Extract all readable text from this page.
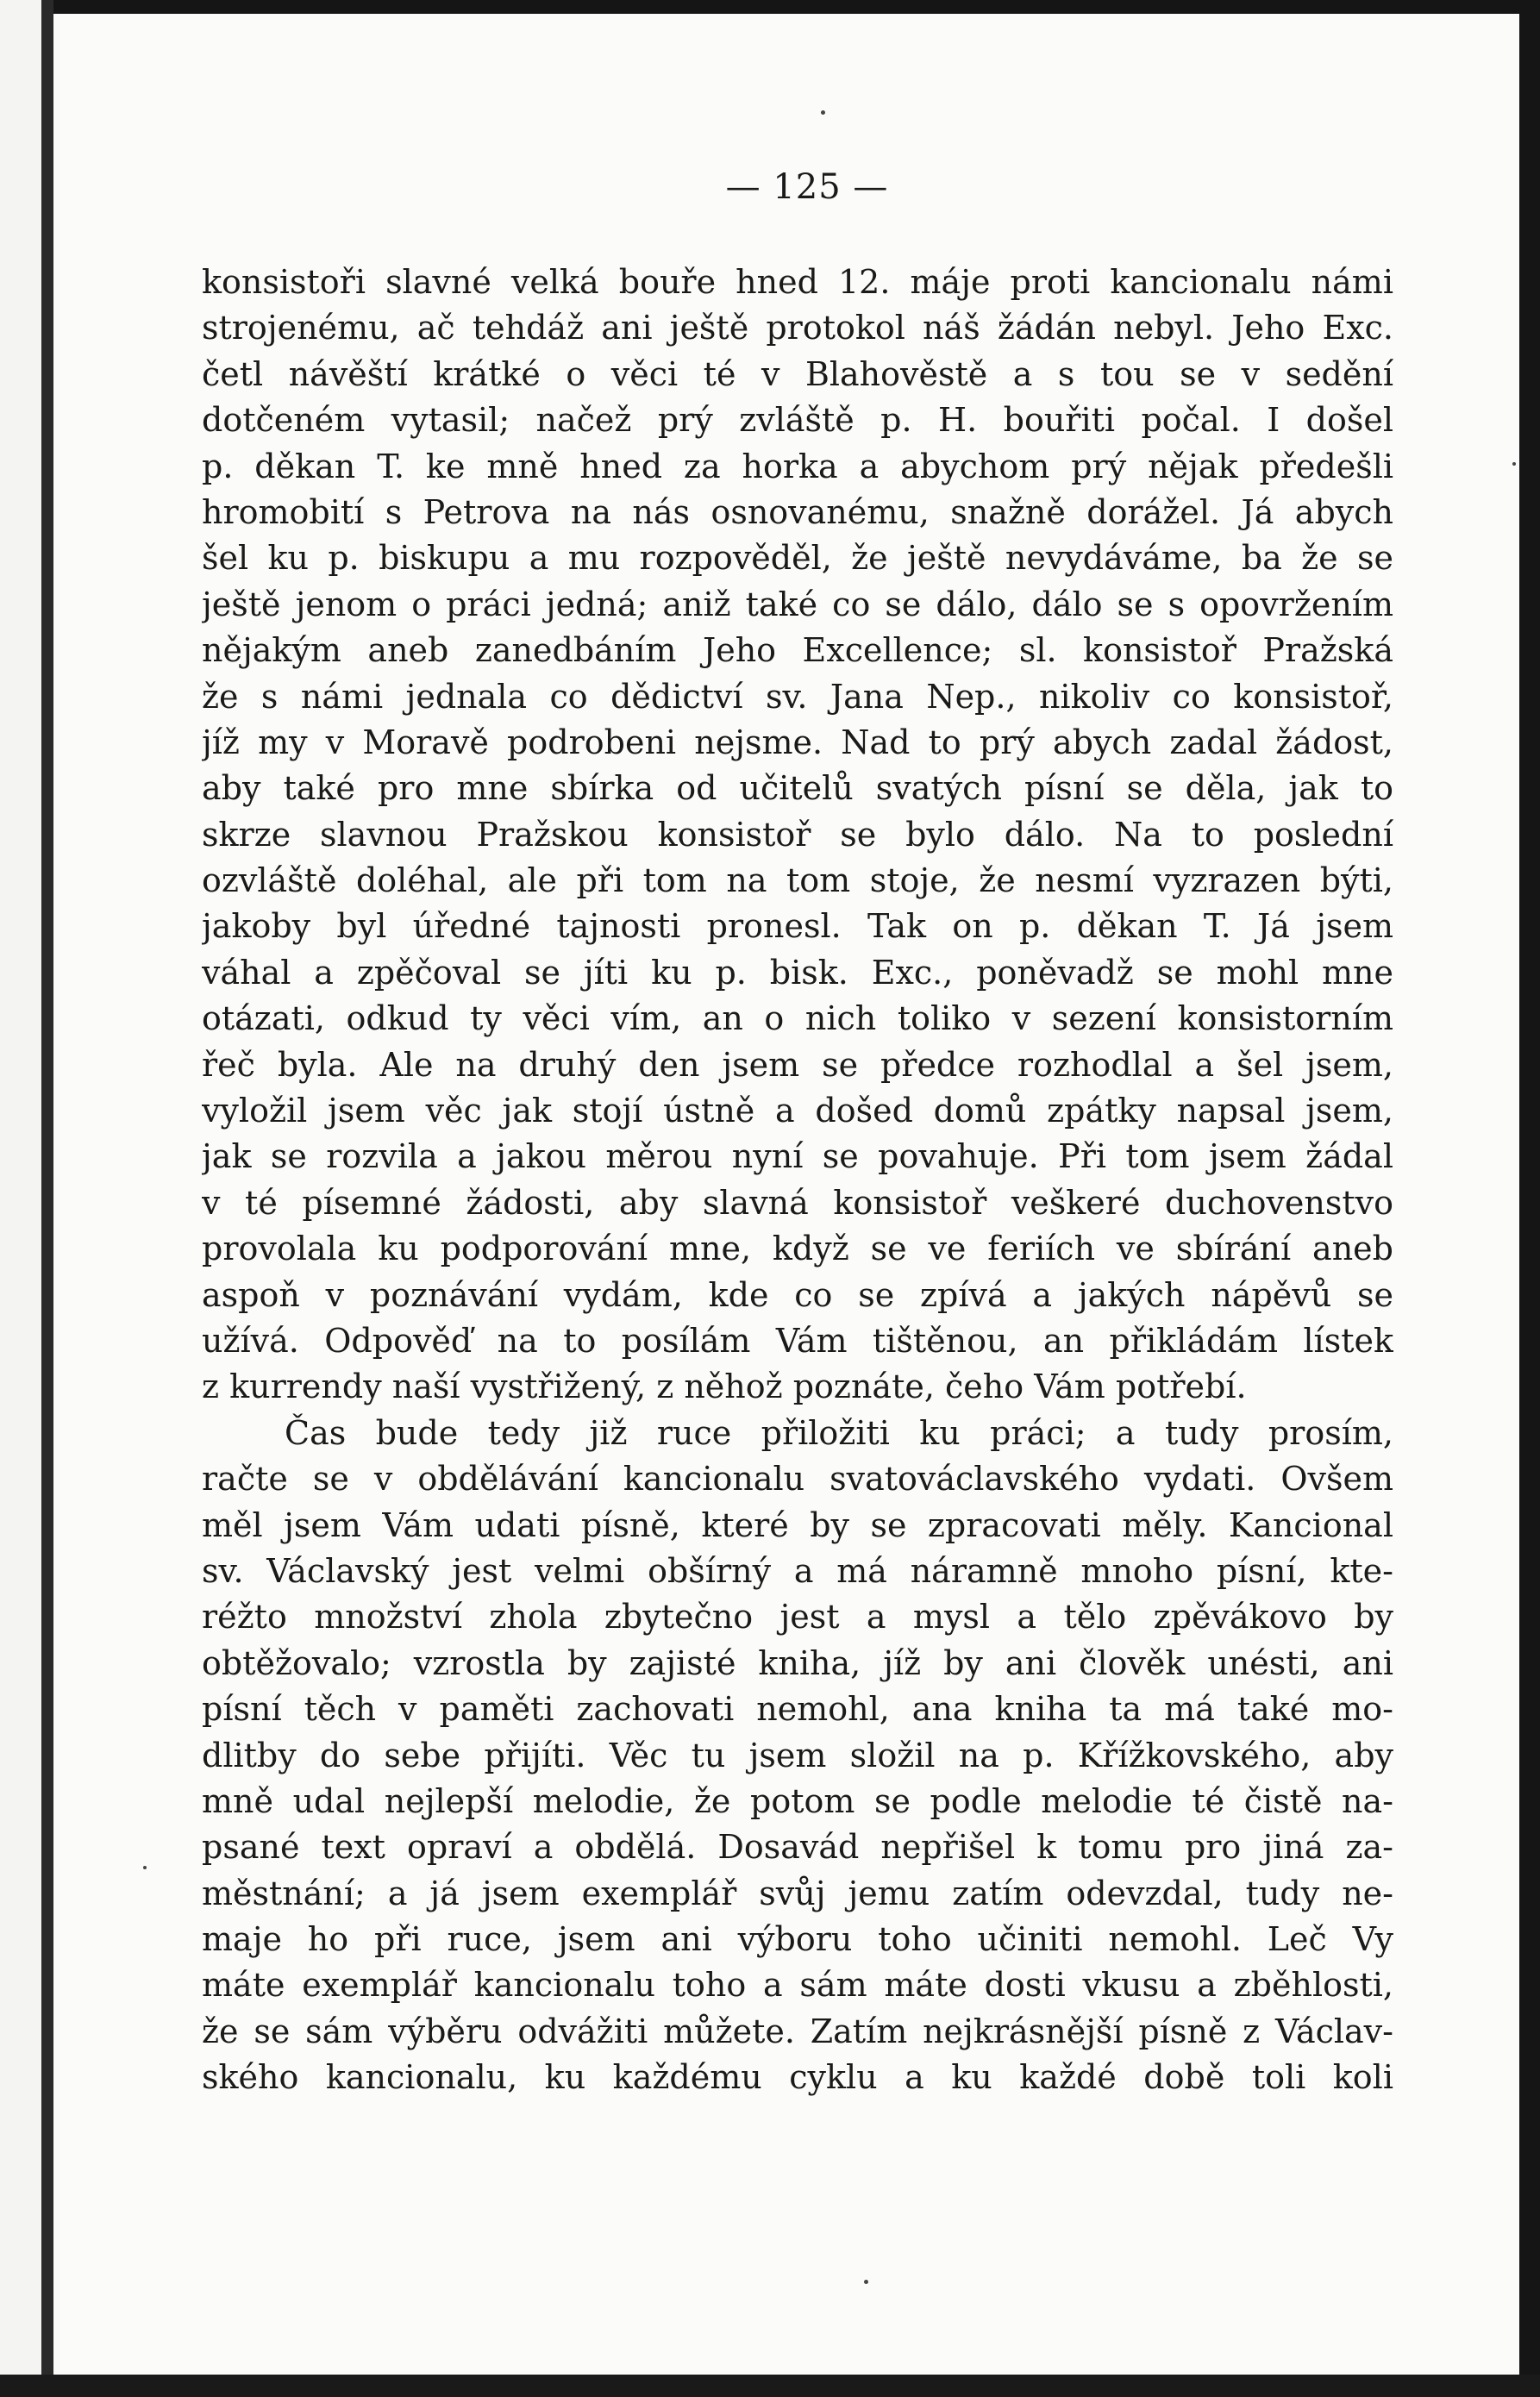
— 125 —
konsistoři slavné velká bouře hned 12. máje proti kancionalu námi
strojenému, ač tehdáž ani ještě protokol náš žádán nebyl. Jeho Exc.
četl návěští krátké o věci té v Blahověstě a s tou se v sedění
dotčeném vytasil; načež prý zvláště p. H. bouřiti počal. I došel
p. děkan T. ke mně hned za horka a abychom prý nějak předešli
hromobití s Petrova na nás osnovanému, snažně dorážel. Já abych
šel ku p. biskupu a mu rozpověděl, že ještě nevydáváme, ba že se
ještě jenom o práci jedná; aniž také co se dálo, dálo se s opovržením
nějakým aneb zanedbáním Jeho Excellence; sl. konsistoř Pražská
že s námi jednala co dědictví sv. Jana Nep., nikoliv co konsistoř,
jíž my v Moravě podrobeni nejsme. Nad to prý abych zadal žádost,
aby také pro mne sbírka od učitelů svatých písní se děla, jak to
skrze slavnou Pražskou konsistoř se bylo dálo. Na to poslední
ozvláště doléhal, ale při tom na tom stoje, že nesmí vyzrazen býti,
jakoby byl úředné tajnosti pronesl. Tak on p. děkan T. Já jsem
váhal a zpěčoval se jíti ku p. bisk. Exc., poněvadž se mohl mne
otázati, odkud ty věci vím, an o nich toliko v sezení konsistorním
řeč byla. Ale na druhý den jsem se předce rozhodlal a šel jsem,
vyložil jsem věc jak stojí ústně a došed domů zpátky napsal jsem,
jak se rozvila a jakou měrou nyní se povahuje. Při tom jsem žádal
v té písemné žádosti, aby slavná konsistoř veškeré duchovenstvo
provolala ku podporování mne, když se ve feriích ve sbírání aneb
aspoň v poznávání vydám, kde co se zpívá a jakých nápěvů se
užívá. Odpověď na to posílám Vám tištěnou, an přikládám lístek
z kurrendy naší vystřižený, z něhož poznáte, čeho Vám potřebí.
Čas bude tedy již ruce přiložiti ku práci; a tudy prosím,
račte se v obdělávání kancionalu svatováclavského vydati. Ovšem
měl jsem Vám udati písně, které by se zpracovati měly. Kancional
sv. Václavský jest velmi obšírný a má náramně mnoho písní, kte-
réžto množství zhola zbytečno jest a mysl a tělo zpěvákovo by
obtěžovalo; vzrostla by zajisté kniha, jíž by ani člověk unésti, ani
písní těch v paměti zachovati nemohl, ana kniha ta má také mo-
dlitby do sebe přijíti. Věc tu jsem složil na p. Křížkovského, aby
mně udal nejlepší melodie, že potom se podle melodie té čistě na-
psané text opraví a obdělá. Dosavád nepřišel k tomu pro jiná za-
městnání; a já jsem exemplář svůj jemu zatím odevzdal, tudy ne-
maje ho při ruce, jsem ani výboru toho učiniti nemohl. Leč Vy
máte exemplář kancionalu toho a sám máte dosti vkusu a zběhlosti,
že se sám výběru odvážiti můžete. Zatím nejkrásnější písně z Václav-
ského kancionalu, ku každému cyklu a ku každé době toli koli
